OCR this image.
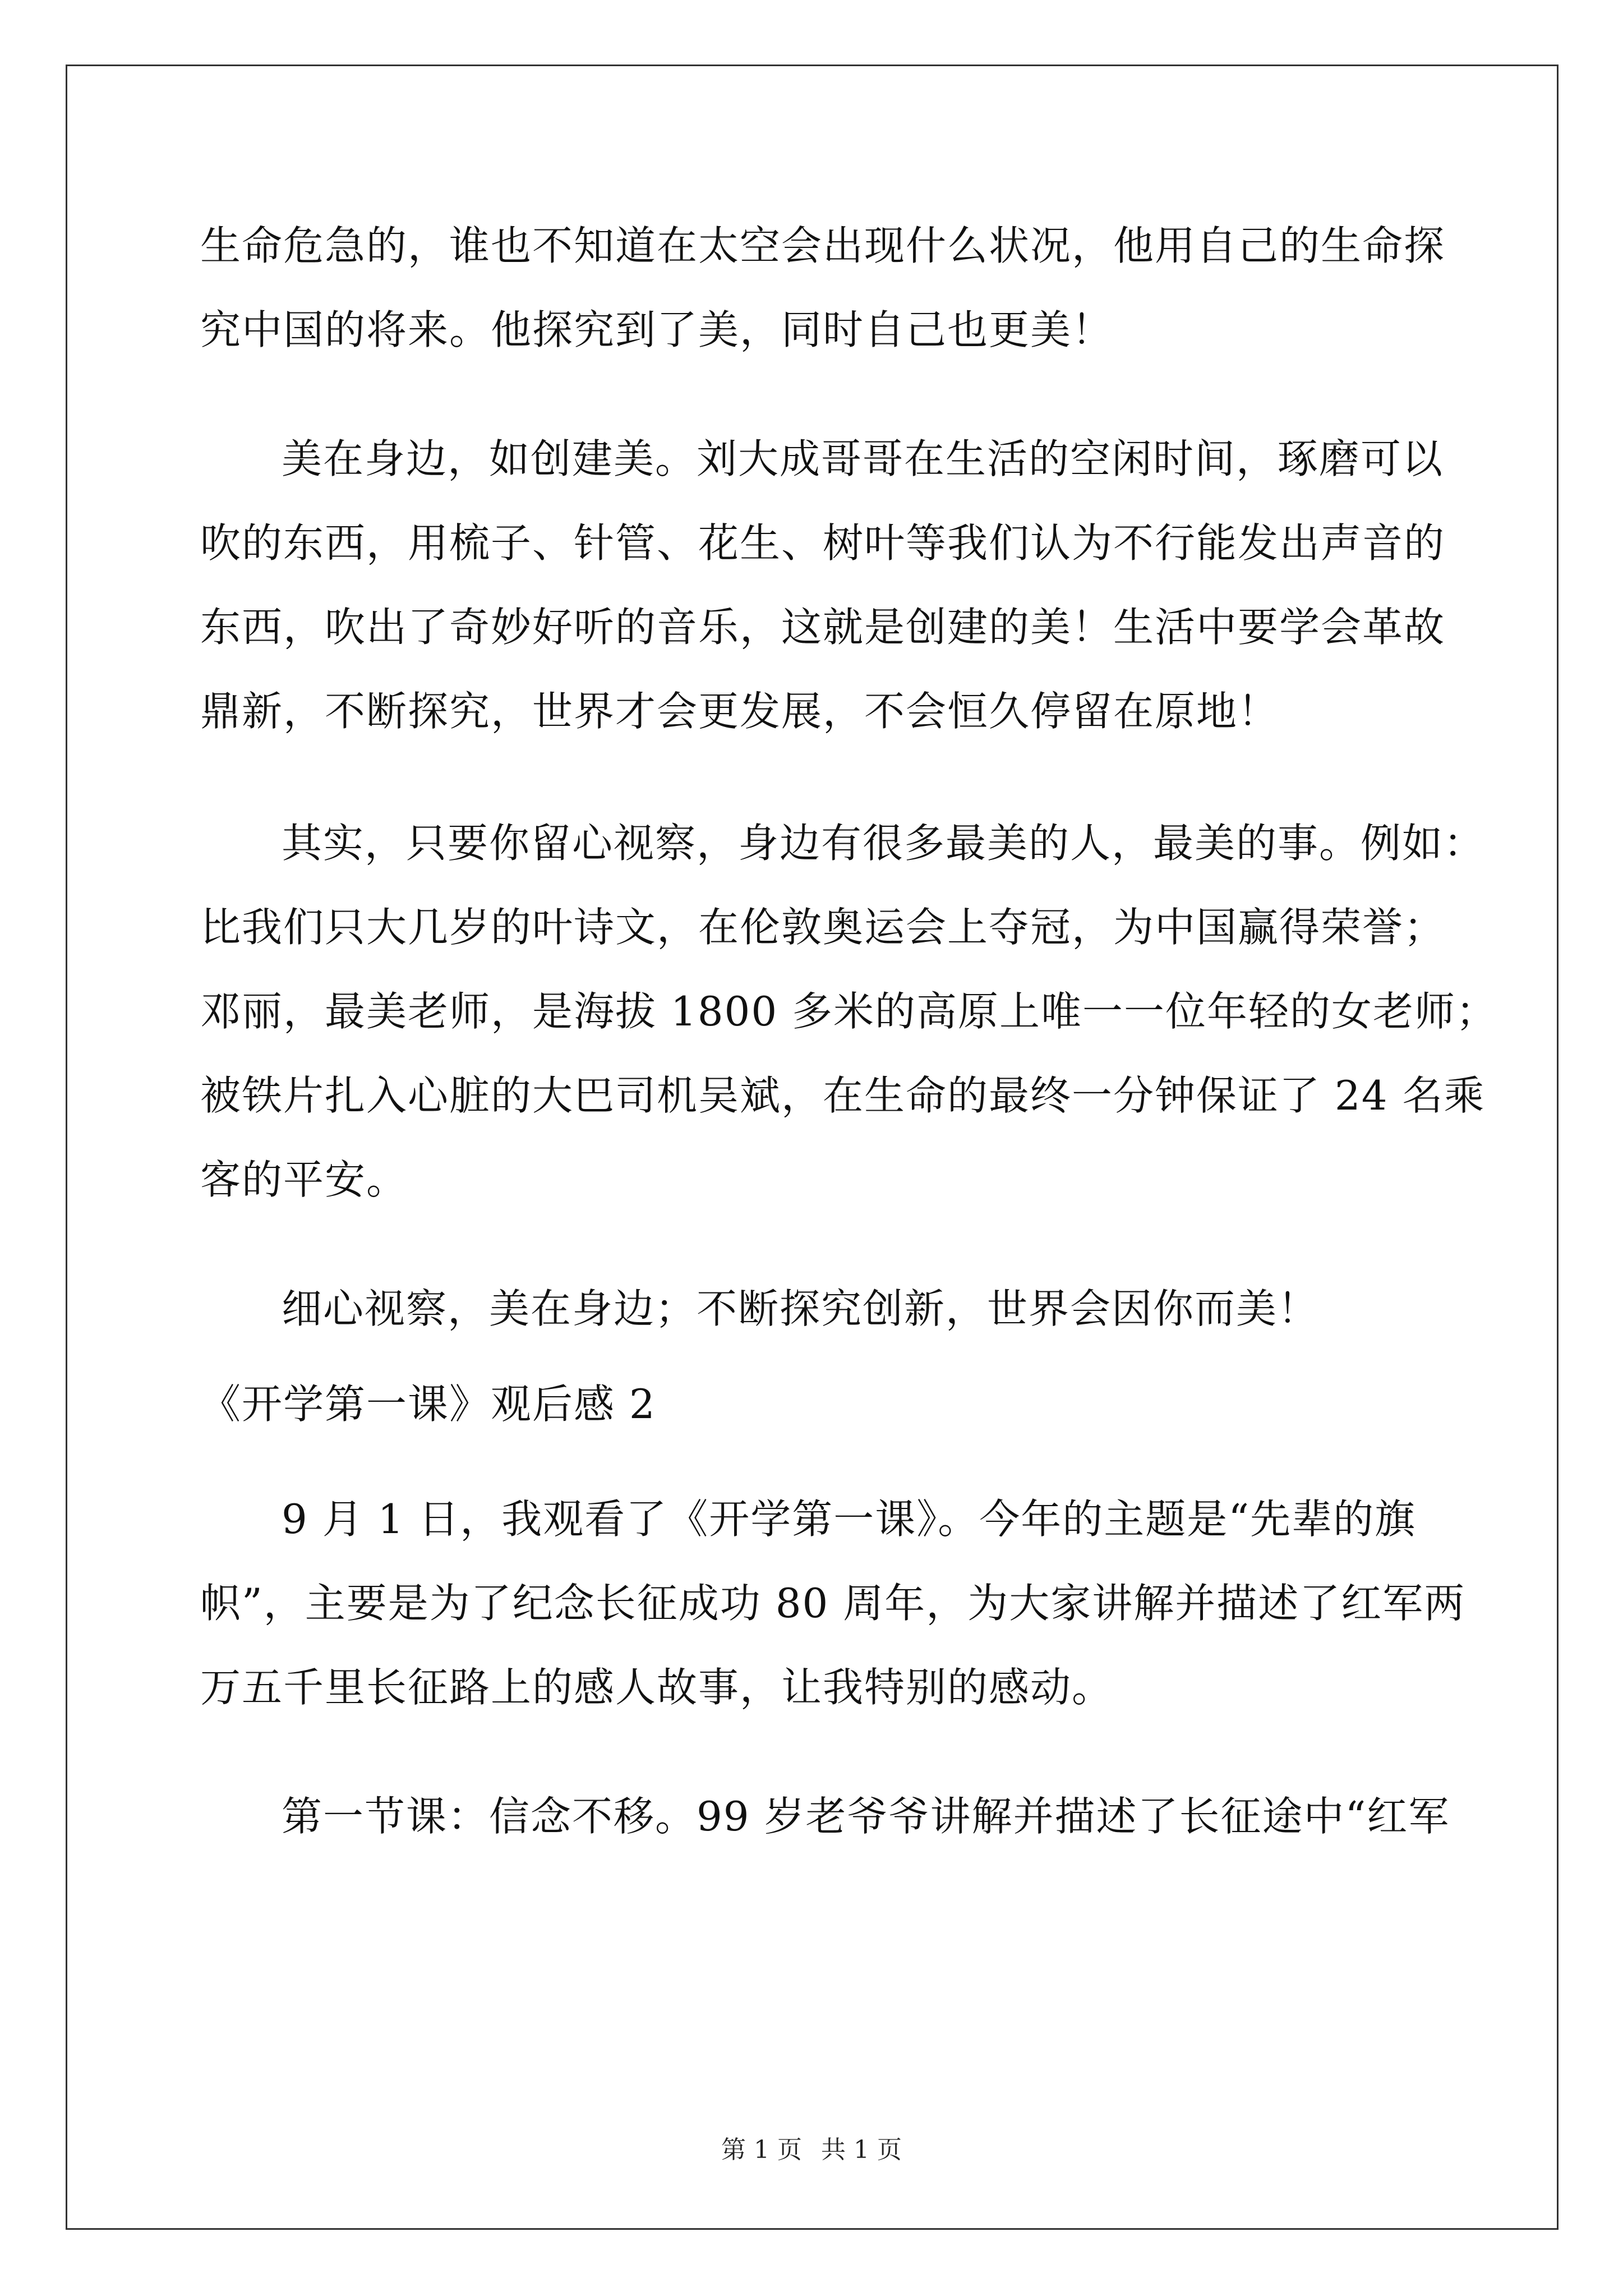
生命危急的，谁也不知道在太空会出现什么状况，他用自己的生命探
究中国的将来。他探究到了美，同时自己也更美！
美在身边，如创建美。刘大成哥哥在生活的空闲时间，琢磨可以
吹的东西，用梳子、针管、花生、树叶等我们认为不行能发出声音的
东西，吹出了奇妙好听的音乐，这就是创建的美！生活中要学会革故
鼎新，不断探究，世界才会更发展，不会恒久停留在原地！
其实，只要你留心视察，身边有很多最美的人，最美的事。例如：
比我们只大几岁的叶诗文，在伦敦奥运会上夺冠，为中国赢得荣誉；
邓丽，最美老师，是海拔 1800 多米的高原上唯一一位年轻的女老师；
被铁片扎入心脏的大巴司机吴斌，在生命的最终一分钟保证了 24 名乘
客的平安。
细心视察，美在身边；不断探究创新，世界会因你而美！
《开学第一课》观后感 2
9 月 1 日，我观看了《开学第一课》。今年的主题是“先辈的旗
帜”，主要是为了纪念长征成功 80 周年，为大家讲解并描述了红军两
万五千里长征路上的感人故事，让我特别的感动。
第一节课：信念不移。99 岁老爷爷讲解并描述了长征途中“红军
第 1 页 共 1 页
